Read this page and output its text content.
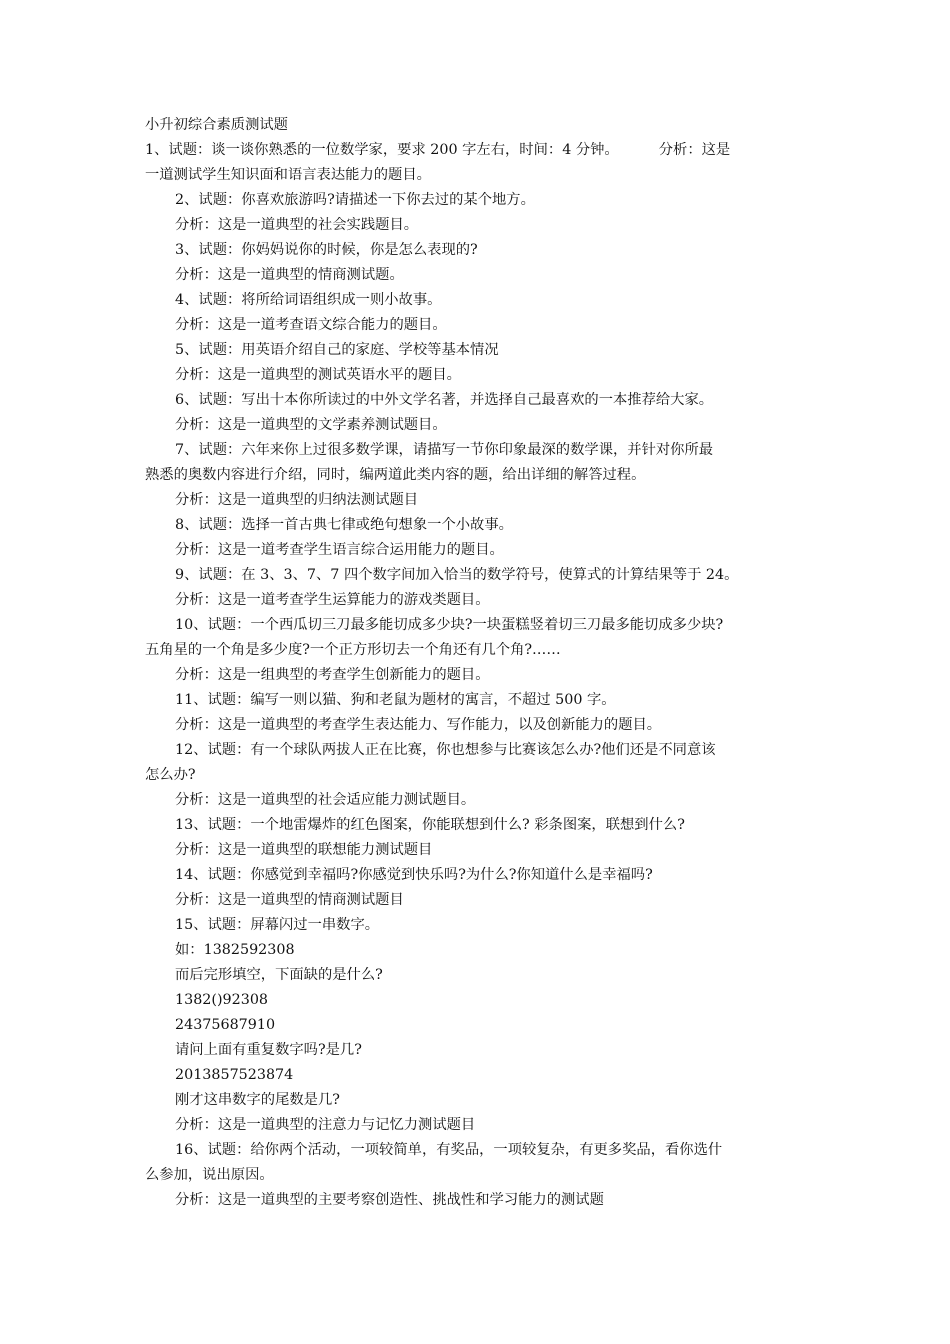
小升初综合素质测试题

1、试题：谈一谈你熟悉的一位数学家，要求 200 字左右，时间：4 分钟。	分析：这是

一道测试学生知识面和语言表达能力的题目。

2、试题：你喜欢旅游吗?请描述一下你去过的某个地方。

分析：这是一道典型的社会实践题目。

3、试题：你妈妈说你的时候，你是怎么表现的?

分析：这是一道典型的情商测试题。

4、试题：将所给词语组织成一则小故事。

分析：这是一道考查语文综合能力的题目。

5、试题：用英语介绍自己的家庭、学校等基本情况

分析：这是一道典型的测试英语水平的题目。

6、试题：写出十本你所读过的中外文学名著，并选择自己最喜欢的一本推荐给大家。

分析：这是一道典型的文学素养测试题目。

7、试题：六年来你上过很多数学课，请描写一节你印象最深的数学课，并针对你所最

熟悉的奥数内容进行介绍，同时，编两道此类内容的题，给出详细的解答过程。

分析：这是一道典型的归纳法测试题目

8、试题：选择一首古典七律或绝句想象一个小故事。

分析：这是一道考查学生语言综合运用能力的题目。

9、试题：在 3、3、7、7 四个数字间加入恰当的数学符号，使算式的计算结果等于 24。

分析：这是一道考查学生运算能力的游戏类题目。

10、试题：一个西瓜切三刀最多能切成多少块?一块蛋糕竖着切三刀最多能切成多少块?

五角星的一个角是多少度?一个正方形切去一个角还有几个角?……

分析：这是一组典型的考查学生创新能力的题目。

11、试题：编写一则以猫、狗和老鼠为题材的寓言，不超过 500 字。

分析：这是一道典型的考查学生表达能力、写作能力，以及创新能力的题目。

12、试题：有一个球队两拔人正在比赛，你也想参与比赛该怎么办?他们还是不同意该

怎么办?

分析：这是一道典型的社会适应能力测试题目。

13、试题：一个地雷爆炸的红色图案，你能联想到什么? 彩条图案，联想到什么?

分析：这是一道典型的联想能力测试题目

14、试题：你感觉到幸福吗?你感觉到快乐吗?为什么?你知道什么是幸福吗?

分析：这是一道典型的情商测试题目

15、试题：屏幕闪过一串数字。

如：1382592308

而后完形填空，下面缺的是什么?

1382()92308

24375687910

请问上面有重复数字吗?是几?

2013857523874

刚才这串数字的尾数是几?

分析：这是一道典型的注意力与记忆力测试题目

16、试题：给你两个活动，一项较简单，有奖品，一项较复杂，有更多奖品，看你选什

么参加，说出原因。

分析：这是一道典型的主要考察创造性、挑战性和学习能力的测试题
